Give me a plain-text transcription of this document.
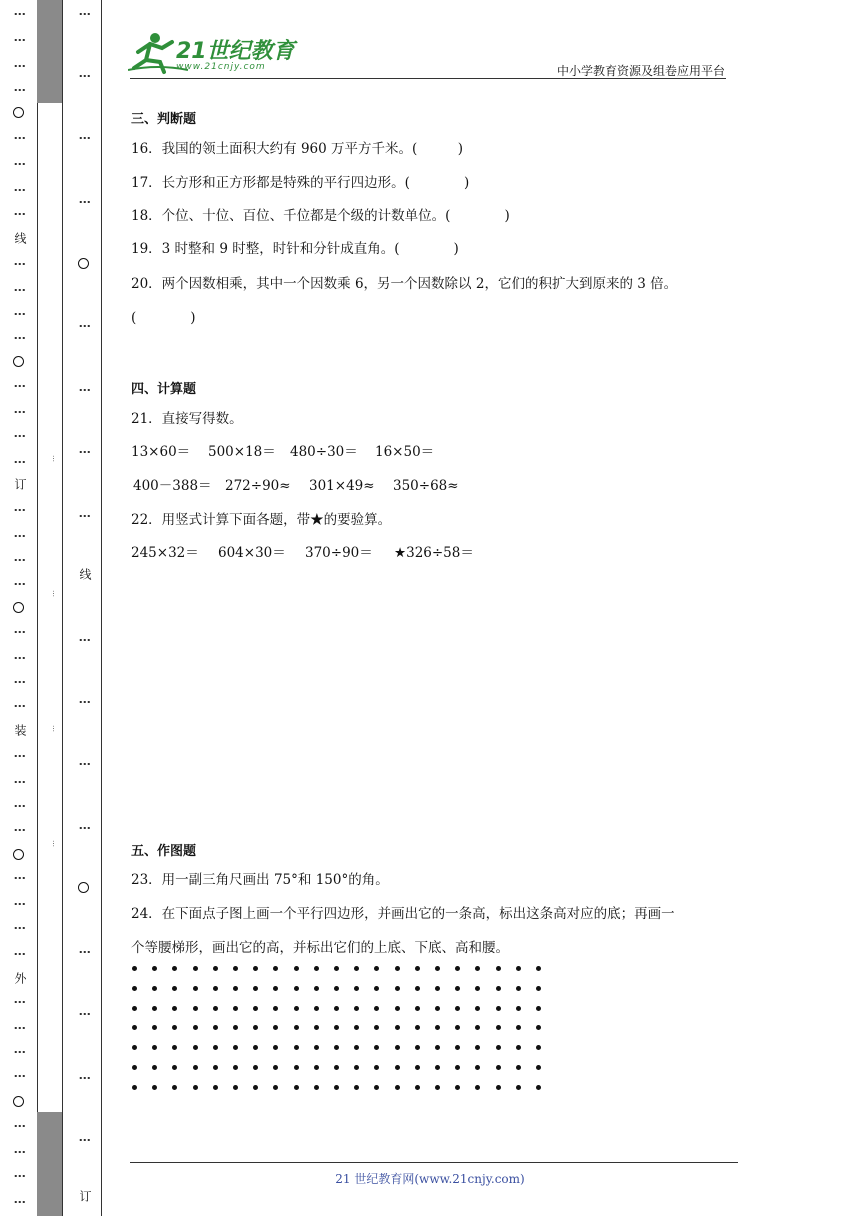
⋮
⋮
⋮
⋮
⋮
⋮
⋮
⋮
线
⋮
⋮
⋮
⋮
⋮
⋮
⋮
⋮
订
⋮
⋮
⋮
⋮
⋮
⋮
⋮
⋮
装
⋮
⋮
⋮
⋮
⋮
⋮
⋮
⋮
外
⋮
⋮
⋮
⋮
⋮
⋮
⋮
⋮
⋮
⋮
⋮
⋮
⋮
⋮
⋮
⋮
线
⋮
⋮
⋮
⋮
⋮
⋮
⋮
⋮
订
…
…
…
…
21世纪教育
www.21cnjy.com	中小学教育资源及组卷应用平台
三、判断题
16．我国的领土面积大约有 960 万平方千米。(　　　)
17．长方形和正方形都是特殊的平行四边形。(　　　　)
18．个位、十位、百位、千位都是个级的计数单位。(　　　　)
19．3 时整和 9 时整，时针和分针成直角。(　　　　)
20．两个因数相乘，其中一个因数乘 6，另一个因数除以 2，它们的积扩大到原来的 3 倍。
(　　　　)
四、计算题
21．直接写得数。
13×60＝ 500×18＝ 480÷30＝ 16×50＝
400－388＝ 272÷90≈ 301×49≈ 350÷68≈
22．用竖式计算下面各题，带★的要验算。
245×32＝ 604×30＝ 370÷90＝ ★326÷58＝
五、作图题
23．用一副三角尺画出 75°和 150°的角。
24．在下面点子图上画一个平行四边形，并画出它的一条高，标出这条高对应的底；再画一
个等腰梯形，画出它的高，并标出它们的上底、下底、高和腰。
21 世纪教育网(www.21cnjy.com)
